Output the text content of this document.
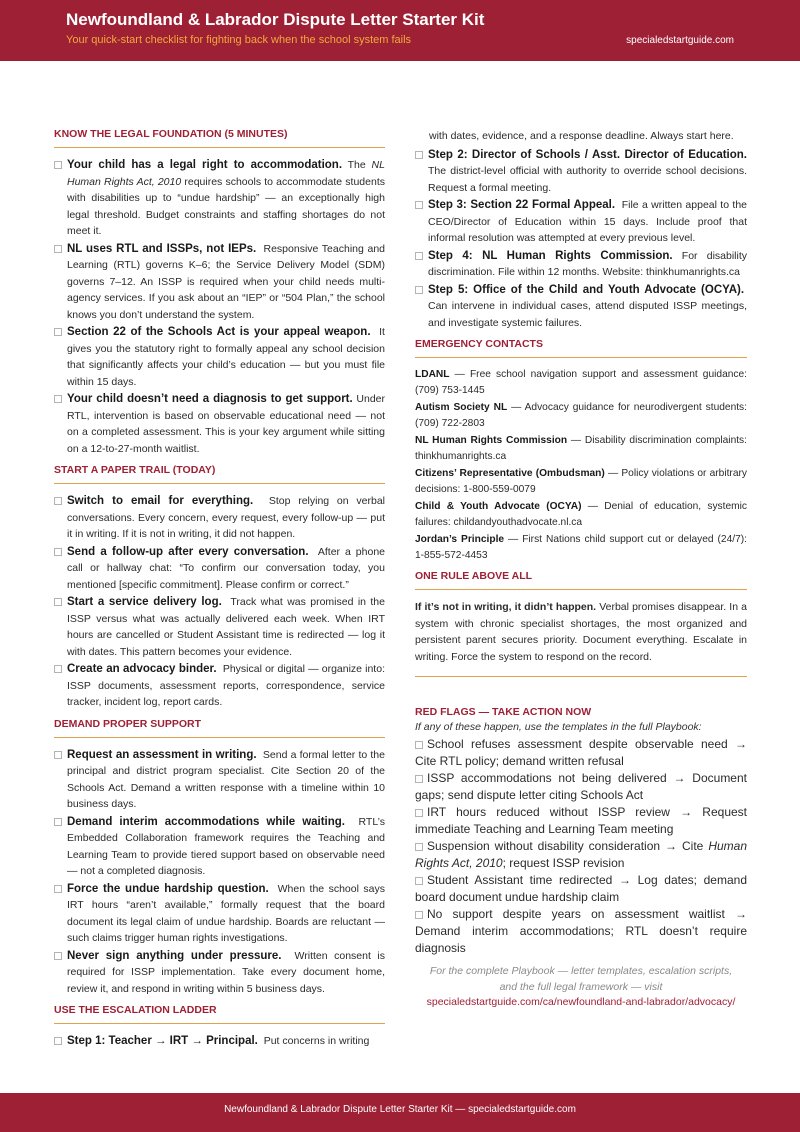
Newfoundland & Labrador Dispute Letter Starter Kit
Your quick-start checklist for fighting back when the school system fails	specialedstartguide.com
KNOW THE LEGAL FOUNDATION (5 MINUTES)
Your child has a legal right to accommodation. The NL Human Rights Act, 2010 requires schools to accommodate students with disabilities up to “undue hardship” — an exceptionally high legal threshold. Budget constraints and staffing shortages do not meet it.
NL uses RTL and ISSPs, not IEPs. Responsive Teaching and Learning (RTL) governs K–6; the Service Delivery Model (SDM) governs 7–12. An ISSP is required when your child needs multi-agency services. If you ask about an “IEP” or “504 Plan,” the school knows you don’t understand the system.
Section 22 of the Schools Act is your appeal weapon. It gives you the statutory right to formally appeal any school decision that significantly affects your child’s education — but you must file within 15 days.
Your child doesn’t need a diagnosis to get support. Under RTL, intervention is based on observable educational need — not on a completed assessment. This is your key argument while sitting on a 12-to-27-month waitlist.
START A PAPER TRAIL (TODAY)
Switch to email for everything. Stop relying on verbal conversations. Every concern, every request, every follow-up — put it in writing. If it is not in writing, it did not happen.
Send a follow-up after every conversation. After a phone call or hallway chat: “To confirm our conversation today, you mentioned [specific commitment]. Please confirm or correct.”
Start a service delivery log. Track what was promised in the ISSP versus what was actually delivered each week. When IRT hours are cancelled or Student Assistant time is redirected — log it with dates. This pattern becomes your evidence.
Create an advocacy binder. Physical or digital — organize into: ISSP documents, assessment reports, correspondence, service tracker, incident log, report cards.
DEMAND PROPER SUPPORT
Request an assessment in writing. Send a formal letter to the principal and district program specialist. Cite Section 20 of the Schools Act. Demand a written response with a timeline within 10 business days.
Demand interim accommodations while waiting. RTL’s Embedded Collaboration framework requires the Teaching and Learning Team to provide tiered support based on observable need — not a completed diagnosis.
Force the undue hardship question. When the school says IRT hours “aren’t available,” formally request that the board document its legal claim of undue hardship. Boards are reluctant — such claims trigger human rights investigations.
Never sign anything under pressure. Written consent is required for ISSP implementation. Take every document home, review it, and respond in writing within 5 business days.
USE THE ESCALATION LADDER
Step 1: Teacher → IRT → Principal. Put concerns in writing
with dates, evidence, and a response deadline. Always start here.
Step 2: Director of Schools / Asst. Director of Education. The district-level official with authority to override school decisions. Request a formal meeting.
Step 3: Section 22 Formal Appeal. File a written appeal to the CEO/Director of Education within 15 days. Include proof that informal resolution was attempted at every previous level.
Step 4: NL Human Rights Commission. For disability discrimination. File within 12 months. Website: thinkhumanrights.ca
Step 5: Office of the Child and Youth Advocate (OCYA).  Can intervene in individual cases, attend disputed ISSP meetings, and investigate systemic failures.
EMERGENCY CONTACTS
LDANL — Free school navigation support and assessment guidance: (709) 753-1445
Autism Society NL — Advocacy guidance for neurodivergent students: (709) 722-2803
NL Human Rights Commission — Disability discrimination complaints: thinkhumanrights.ca
Citizens’ Representative (Ombudsman) — Policy violations or arbitrary decisions: 1-800-559-0079
Child & Youth Advocate (OCYA) — Denial of education, systemic failures: childandyouthadvocate.nl.ca
Jordan’s Principle — First Nations child support cut or delayed (24/7): 1-855-572-4453
ONE RULE ABOVE ALL
If it’s not in writing, it didn’t happen. Verbal promises disappear. In a system with chronic specialist shortages, the most organized and persistent parent secures priority. Document everything. Escalate in writing. Force the system to respond on the record.
RED FLAGS — TAKE ACTION NOW
If any of these happen, use the templates in the full Playbook:
School refuses assessment despite observable need → Cite RTL policy; demand written refusal
ISSP accommodations not being delivered → Document gaps; send dispute letter citing Schools Act
IRT hours reduced without ISSP review → Request immediate Teaching and Learning Team meeting
Suspension without disability consideration → Cite Human Rights Act, 2010; request ISSP revision
Student Assistant time redirected → Log dates; demand board document undue hardship claim
No support despite years on assessment waitlist → Demand interim accommodations; RTL doesn’t require diagnosis
For the complete Playbook — letter templates, escalation scripts, and the full legal framework — visit
specialedstartguide.com/ca/newfoundland-and-labrador/advocacy/
Newfoundland & Labrador Dispute Letter Starter Kit — specialedstartguide.com
